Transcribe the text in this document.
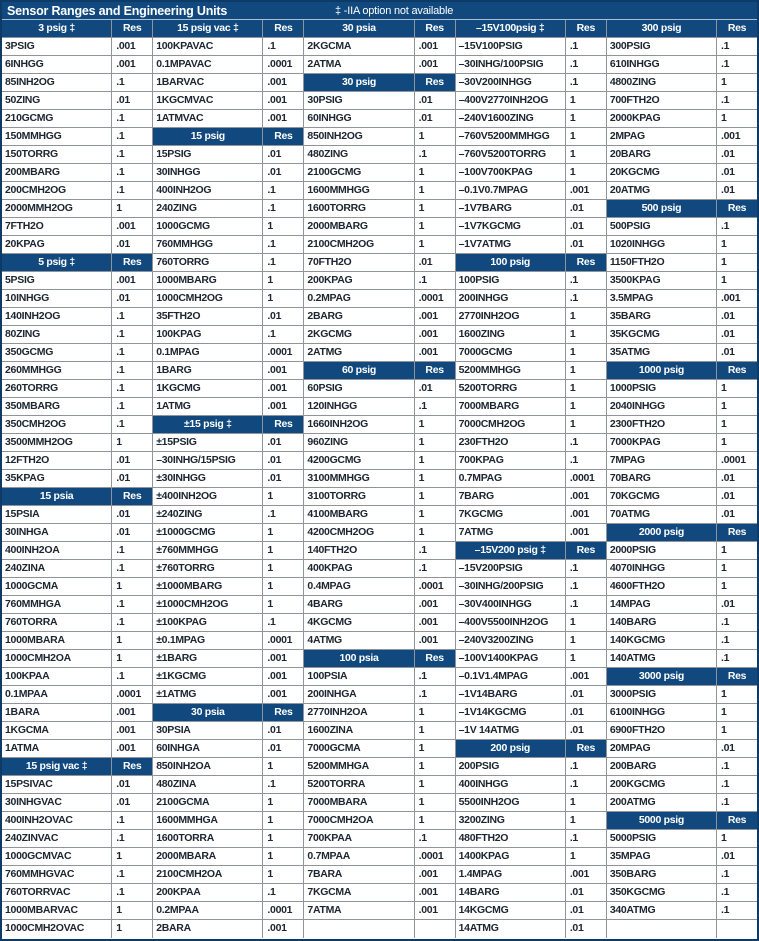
Sensor Ranges and Engineering Units	‡ -IIA option not available
3 psig ‡	Res
3PSIG	.001
6INHGG	.001
85INH2OG	.1
50ZING	.01
210GCMG	.1
150MMHGG	.1
150TORRG	.1
200MBARG	.1
200CMH2OG	.1
2000MMH2OG	1
7FTH2O	.001
20KPAG	.01
5 psig ‡	Res
5PSIG	.001
10INHGG	.01
140INH2OG	.1
80ZING	.1
350GCMG	.1
260MMHGG	.1
260TORRG	.1
350MBARG	.1
350CMH2OG	.1
3500MMH2OG	1
12FTH2O	.01
35KPAG	.01
15 psia	Res
15PSIA	.01
30INHGA	.01
400INH2OA	.1
240ZINA	.1
1000GCMA	1
760MMHGA	.1
760TORRA	.1
1000MBARA	1
1000CMH2OA	1
100KPAA	.1
0.1MPAA	.0001
1BARA	.001
1KGCMA	.001
1ATMA	.001
15 psig vac ‡	Res
15PSIVAC	.01
30INHGVAC	.01
400INH2OVAC	.1
240ZINVAC	.1
1000GCMVAC	1
760MMHGVAC	.1
760TORRVAC	.1
1000MBARVAC	1
1000CMH2OVAC	1
15 psig vac ‡	Res
100KPAVAC	.1
0.1MPAVAC	.0001
1BARVAC	.001
1KGCMVAC	.001
1ATMVAC	.001
15 psig	Res
15PSIG	.01
30INHGG	.01
400INH2OG	.1
240ZING	.1
1000GCMG	1
760MMHGG	.1
760TORRG	.1
1000MBARG	1
1000CMH2OG	1
35FTH2O	.01
100KPAG	.1
0.1MPAG	.0001
1BARG	.001
1KGCMG	.001
1ATMG	.001
±15 psig ‡	Res
±15PSIG	.01
–30INHG/15PSIG	.01
±30INHGG	.01
±400INH2OG	1
±240ZING	.1
±1000GCMG	1
±760MMHGG	1
±760TORRG	1
±1000MBARG	1
±1000CMH2OG	1
±100KPAG	.1
±0.1MPAG	.0001
±1BARG	.001
±1KGCMG	.001
±1ATMG	.001
30 psia	Res
30PSIA	.01
60INHGA	.01
850INH2OA	1
480ZINA	.1
2100GCMA	1
1600MMHGA	1
1600TORRA	1
2000MBARA	1
2100CMH2OA	1
200KPAA	.1
0.2MPAA	.0001
2BARA	.001
30 psia	Res
2KGCMA	.001
2ATMA	.001
30 psig	Res
30PSIG	.01
60INHGG	.01
850INH2OG	1
480ZING	.1
2100GCMG	1
1600MMHGG	1
1600TORRG	1
2000MBARG	1
2100CMH2OG	1
70FTH2O	.01
200KPAG	.1
0.2MPAG	.0001
2BARG	.001
2KGCMG	.001
2ATMG	.001
60 psig	Res
60PSIG	.01
120INHGG	.1
1660INH2OG	1
960ZING	1
4200GCMG	1
3100MMHGG	1
3100TORRG	1
4100MBARG	1
4200CMH2OG	1
140FTH2O	.1
400KPAG	.1
0.4MPAG	.0001
4BARG	.001
4KGCMG	.001
4ATMG	.001
100 psia	Res
100PSIA	.1
200INHGA	.1
2770INH2OA	1
1600ZINA	1
7000GCMA	1
5200MMHGA	1
5200TORRA	1
7000MBARA	1
7000CMH2OA	1
700KPAA	.1
0.7MPAA	.0001
7BARA	.001
7KGCMA	.001
7ATMA	.001
–15V100psig ‡	Res
–15V100PSIG	.1
–30INHG/100PSIG	.1
–30V200INHGG	.1
–400V2770INH2OG	1
–240V1600ZING	1
–760V5200MMHGG	1
–760V5200TORRG	1
–100V700KPAG	1
–0.1V0.7MPAG	.001
–1V7BARG	.01
–1V7KGCMG	.01
–1V7ATMG	.01
100 psig	Res
100PSIG	.1
200INHGG	.1
2770INH2OG	1
1600ZING	1
7000GCMG	1
5200MMHGG	1
5200TORRG	1
7000MBARG	1
7000CMH2OG	1
230FTH2O	.1
700KPAG	.1
0.7MPAG	.0001
7BARG	.001
7KGCMG	.001
7ATMG	.001
–15V200 psig ‡	Res
–15V200PSIG	.1
–30INHG/200PSIG	.1
–30V400INHGG	.1
–400V5500INH2OG	1
–240V3200ZING	1
–100V1400KPAG	1
–0.1V1.4MPAG	.001
–1V14BARG	.01
–1V14KGCMG	.01
–1V 14ATMG	.01
200 psig	Res
200PSIG	.1
400INHGG	.1
5500INH2OG	1
3200ZING	1
480FTH2O	.1
1400KPAG	1
1.4MPAG	.001
14BARG	.01
14KGCMG	.01
14ATMG	.01
300 psig	Res
300PSIG	.1
610INHGG	.1
4800ZING	1
700FTH2O	.1
2000KPAG	1
2MPAG	.001
20BARG	.01
20KGCMG	.01
20ATMG	.01
500 psig	Res
500PSIG	.1
1020INHGG	1
1150FTH2O	1
3500KPAG	1
3.5MPAG	.001
35BARG	.01
35KGCMG	.01
35ATMG	.01
1000 psig	Res
1000PSIG	1
2040INHGG	1
2300FTH2O	1
7000KPAG	1
7MPAG	.0001
70BARG	.01
70KGCMG	.01
70ATMG	.01
2000 psig	Res
2000PSIG	1
4070INHGG	1
4600FTH2O	1
14MPAG	.01
140BARG	.1
140KGCMG	.1
140ATMG	.1
3000 psig	Res
3000PSIG	1
6100INHGG	1
6900FTH2O	1
20MPAG	.01
200BARG	.1
200KGCMG	.1
200ATMG	.1
5000 psig	Res
5000PSIG	1
35MPAG	.01
350BARG	.1
350KGCMG	.1
340ATMG	.1
